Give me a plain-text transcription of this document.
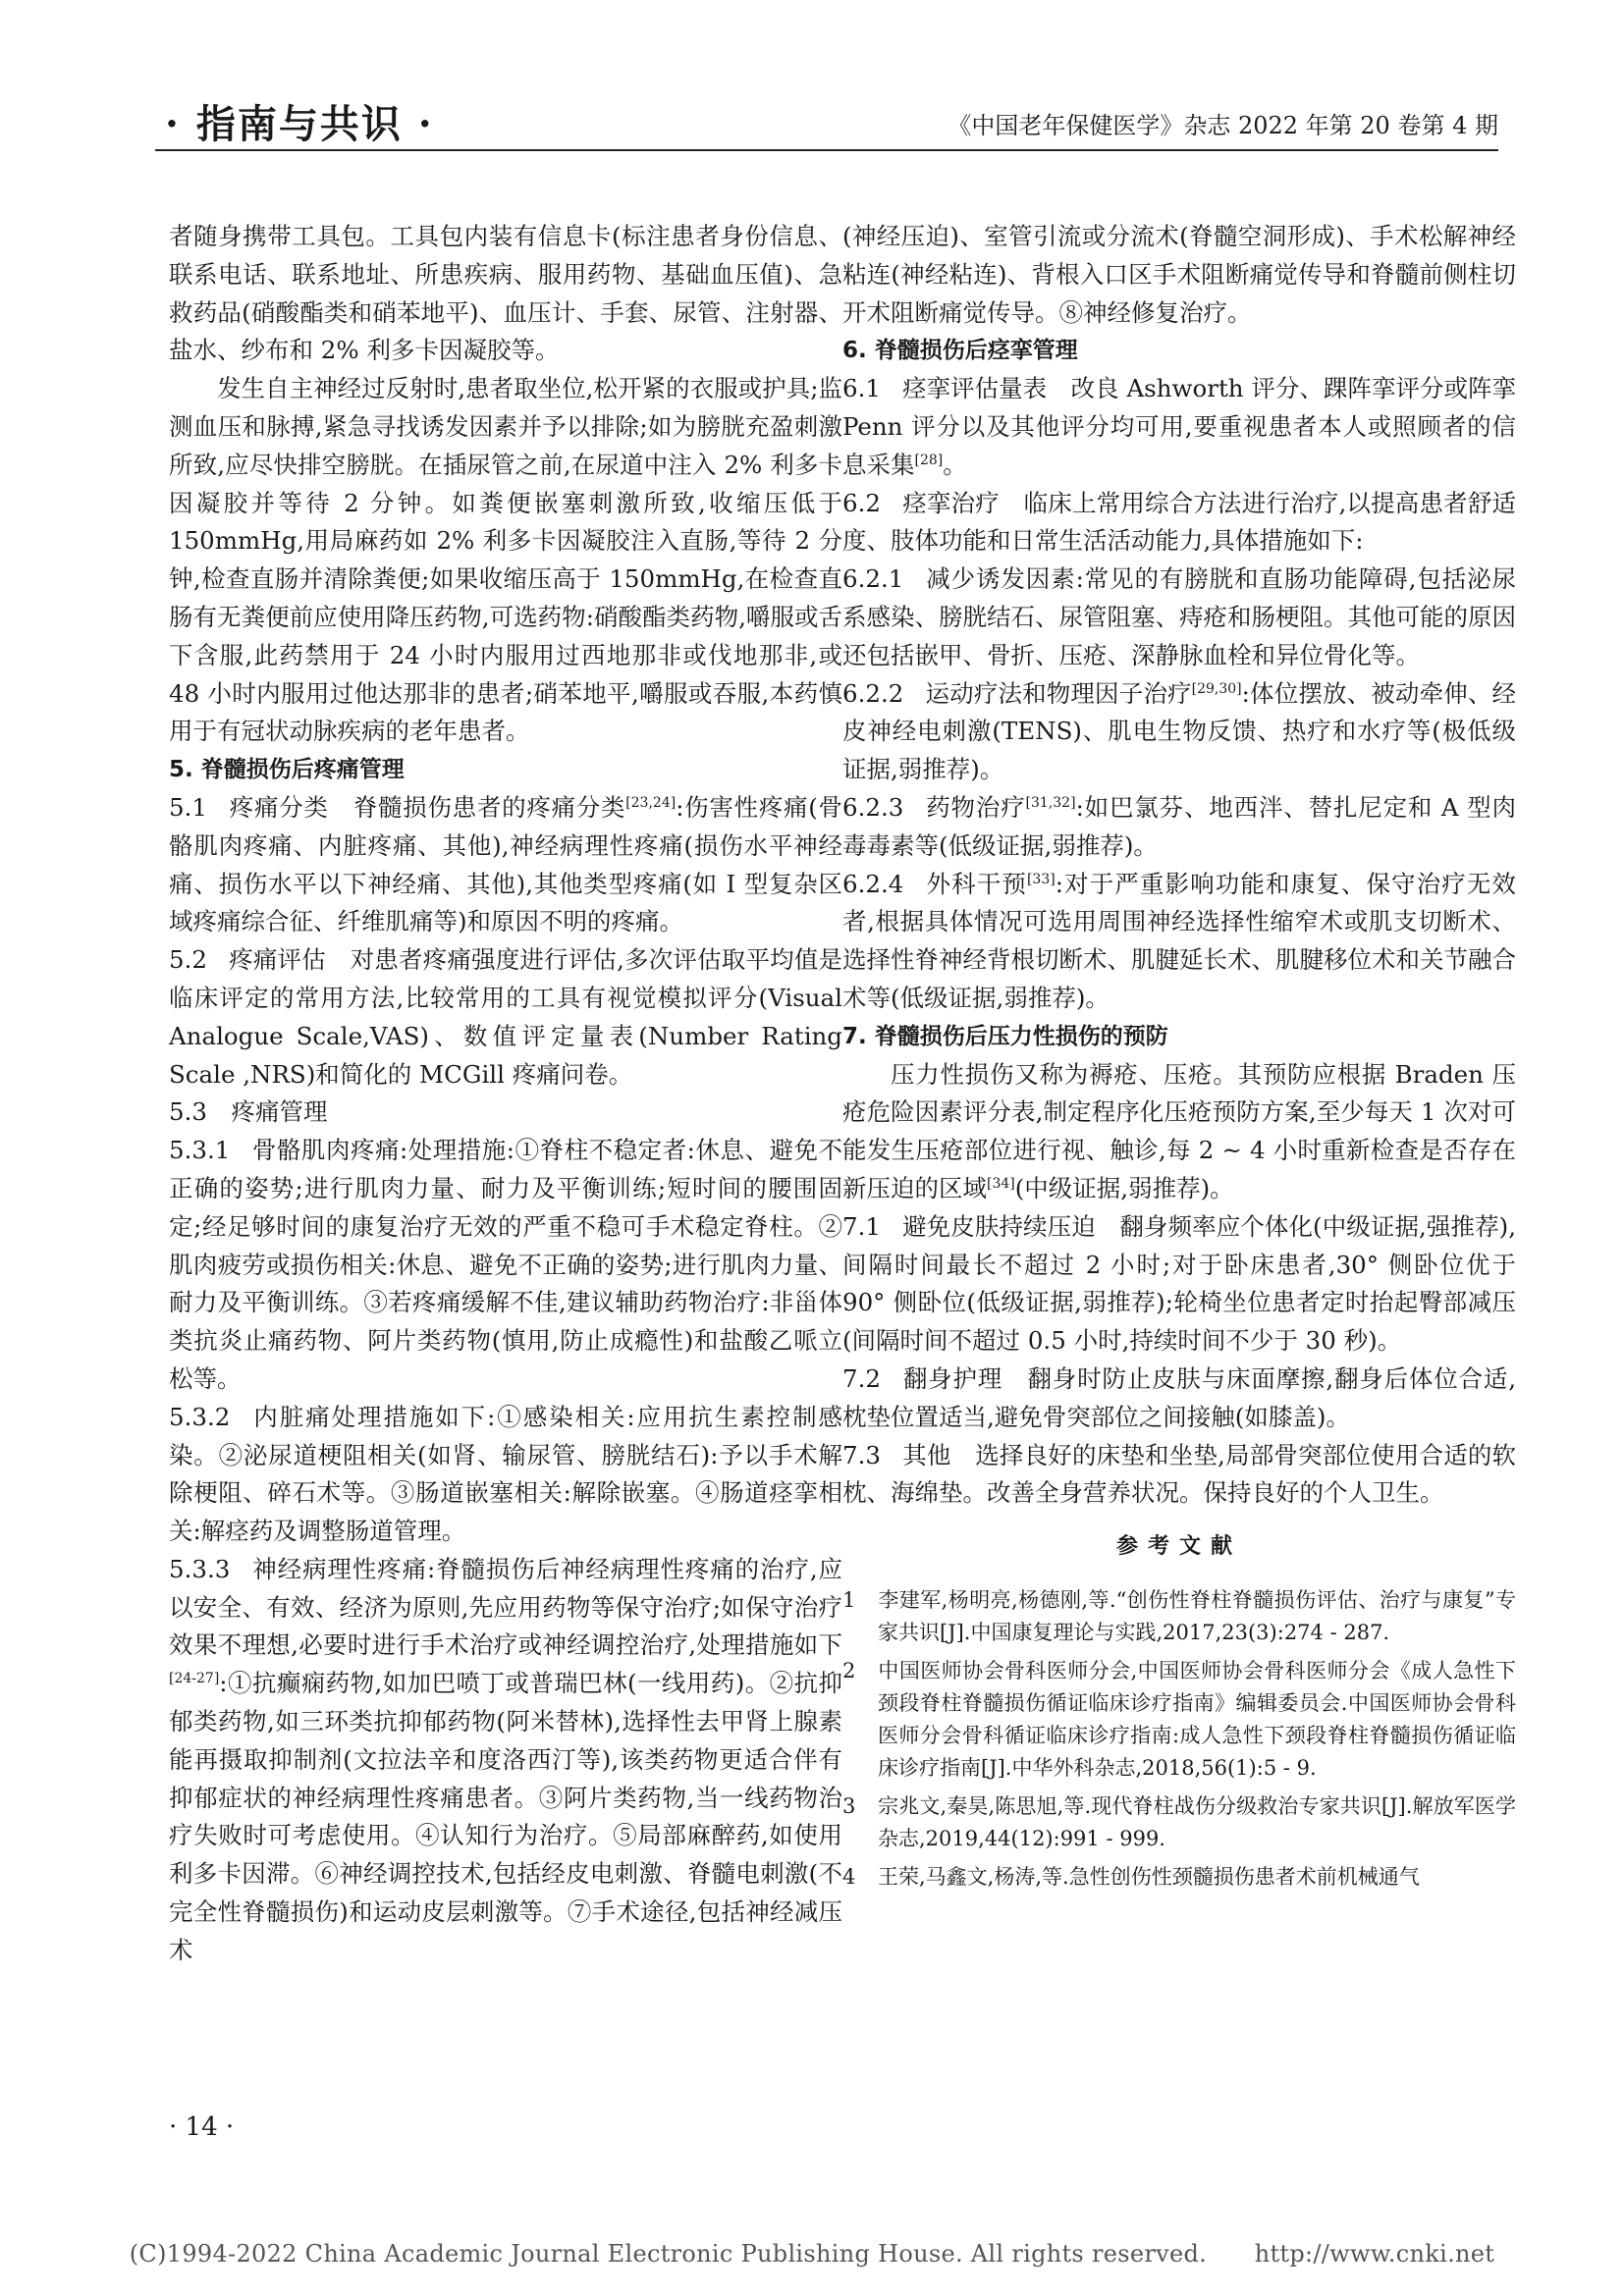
· 指南与共识 ·	《中国老年保健医学》杂志 2022 年第 20 卷第 4 期

者随身携带工具包。工具包内装有信息卡(标注患者身份信息、联系电话、联系地址、所患疾病、服用药物、基础血压值)、急救药品(硝酸酯类和硝苯地平)、血压计、手套、尿管、注射器、盐水、纱布和 2% 利多卡因凝胶等。

发生自主神经过反射时,患者取坐位,松开紧的衣服或护具;监测血压和脉搏,紧急寻找诱发因素并予以排除;如为膀胱充盈刺激所致,应尽快排空膀胱。在插尿管之前,在尿道中注入 2% 利多卡因凝胶并等待 2 分钟。如粪便嵌塞刺激所致,收缩压低于 150mmHg,用局麻药如 2% 利多卡因凝胶注入直肠,等待 2 分钟,检查直肠并清除粪便;如果收缩压高于 150mmHg,在检查直肠有无粪便前应使用降压药物,可选药物:硝酸酯类药物,嚼服或舌下含服,此药禁用于 24 小时内服用过西地那非或伐地那非,或 48 小时内服用过他达那非的患者;硝苯地平,嚼服或吞服,本药慎用于有冠状动脉疾病的老年患者。

5. 脊髓损伤后疼痛管理

5.1 疼痛分类　 脊髓损伤患者的疼痛分类[23,24]:伤害性疼痛(骨骼肌肉疼痛、内脏疼痛、其他),神经病理性疼痛(损伤水平神经痛、损伤水平以下神经痛、其他),其他类型疼痛(如 I 型复杂区域疼痛综合征、纤维肌痛等)和原因不明的疼痛。

5.2 疼痛评估　 对患者疼痛强度进行评估,多次评估取平均值是临床评定的常用方法,比较常用的工具有视觉模拟评分(Visual Analogue Scale,VAS)、数值评定量表(Number Rating Scale ,NRS)和简化的 MCGill 疼痛问卷。

5.3　疼痛管理

5.3.1 骨骼肌肉疼痛:处理措施:①脊柱不稳定者:休息、避免不正确的姿势;进行肌肉力量、耐力及平衡训练;短时间的腰围固定;经足够时间的康复治疗无效的严重不稳可手术稳定脊柱。②肌肉疲劳或损伤相关:休息、避免不正确的姿势;进行肌肉力量、耐力及平衡训练。③若疼痛缓解不佳,建议辅助药物治疗:非甾体类抗炎止痛药物、阿片类药物(慎用,防止成瘾性)和盐酸乙哌立松等。

5.3.2 内脏痛处理措施如下:①感染相关:应用抗生素控制感染。②泌尿道梗阻相关(如肾、输尿管、膀胱结石):予以手术解除梗阻、碎石术等。③肠道嵌塞相关:解除嵌塞。④肠道痉挛相关:解痉药及调整肠道管理。

5.3.3 神经病理性疼痛:脊髓损伤后神经病理性疼痛的治疗,应以安全、有效、经济为原则,先应用药物等保守治疗;如保守治疗效果不理想,必要时进行手术治疗或神经调控治疗,处理措施如下[24-27]:①抗癫痫药物,如加巴喷丁或普瑞巴林(一线用药)。②抗抑郁类药物,如三环类抗抑郁药物(阿米替林),选择性去甲肾上腺素能再摄取抑制剂(文拉法辛和度洛西汀等),该类药物更适合伴有抑郁症状的神经病理性疼痛患者。③阿片类药物,当一线药物治疗失败时可考虑使用。④认知行为治疗。⑤局部麻醉药,如使用利多卡因滞。⑥神经调控技术,包括经皮电刺激、脊髓电刺激(不完全性脊髓损伤)和运动皮层刺激等。⑦手术途径,包括神经减压术

(神经压迫)、室管引流或分流术(脊髓空洞形成)、手术松解神经粘连(神经粘连)、背根入口区手术阻断痛觉传导和脊髓前侧柱切开术阻断痛觉传导。⑧神经修复治疗。

6. 脊髓损伤后痉挛管理

6.1 痉挛评估量表　 改良 Ashworth 评分、踝阵挛评分或阵挛 Penn 评分以及其他评分均可用,要重视患者本人或照顾者的信息采集[28]。

6.2 痉挛治疗　 临床上常用综合方法进行治疗,以提高患者舒适度、肢体功能和日常生活活动能力,具体措施如下:

6.2.1 减少诱发因素:常见的有膀胱和直肠功能障碍,包括泌尿系感染、膀胱结石、尿管阻塞、痔疮和肠梗阻。其他可能的原因还包括嵌甲、骨折、压疮、深静脉血栓和异位骨化等。

6.2.2 运动疗法和物理因子治疗[29,30]:体位摆放、被动牵伸、经皮神经电刺激(TENS)、肌电生物反馈、热疗和水疗等(极低级证据,弱推荐)。

6.2.3 药物治疗[31,32]:如巴氯芬、地西泮、替扎尼定和 A 型肉毒毒素等(低级证据,弱推荐)。

6.2.4 外科干预[33]:对于严重影响功能和康复、保守治疗无效者,根据具体情况可选用周围神经选择性缩窄术或肌支切断术、选择性脊神经背根切断术、肌腱延长术、肌腱移位术和关节融合术等(低级证据,弱推荐)。

7. 脊髓损伤后压力性损伤的预防

压力性损伤又称为褥疮、压疮。其预防应根据 Braden 压疮危险因素评分表,制定程序化压疮预防方案,至少每天 1 次对可能发生压疮部位进行视、触诊,每 2 ~ 4 小时重新检查是否存在新压迫的区域[34](中级证据,弱推荐)。

7.1 避免皮肤持续压迫　 翻身频率应个体化(中级证据,强推荐),间隔时间最长不超过 2 小时;对于卧床患者,30° 侧卧位优于 90° 侧卧位(低级证据,弱推荐);轮椅坐位患者定时抬起臀部减压(间隔时间不超过 0.5 小时,持续时间不少于 30 秒)。

7.2 翻身护理　 翻身时防止皮肤与床面摩擦,翻身后体位合适,枕垫位置适当,避免骨突部位之间接触(如膝盖)。

7.3 其他　 选择良好的床垫和坐垫,局部骨突部位使用合适的软枕、海绵垫。改善全身营养状况。保持良好的个人卫生。

参考文献
1 李建军,杨明亮,杨德刚,等.“创伤性脊柱脊髓损伤评估、治疗与康复”专家共识[J].中国康复理论与实践,2017,23(3):274 - 287.
2 中国医师协会骨科医师分会,中国医师协会骨科医师分会《成人急性下颈段脊柱脊髓损伤循证临床诊疗指南》编辑委员会.中国医师协会骨科医师分会骨科循证临床诊疗指南:成人急性下颈段脊柱脊髓损伤循证临床诊疗指南[J].中华外科杂志,2018,56(1):5 - 9.
3 宗兆文,秦昊,陈思旭,等.现代脊柱战伤分级救治专家共识[J].解放军医学杂志,2019,44(12):991 - 999.
4 王荣,马鑫文,杨涛,等.急性创伤性颈髓损伤患者术前机械通气
· 14 ·
(C)1994-2022 China Academic Journal Electronic Publishing House. All rights reserved.　　http://www.cnki.net
